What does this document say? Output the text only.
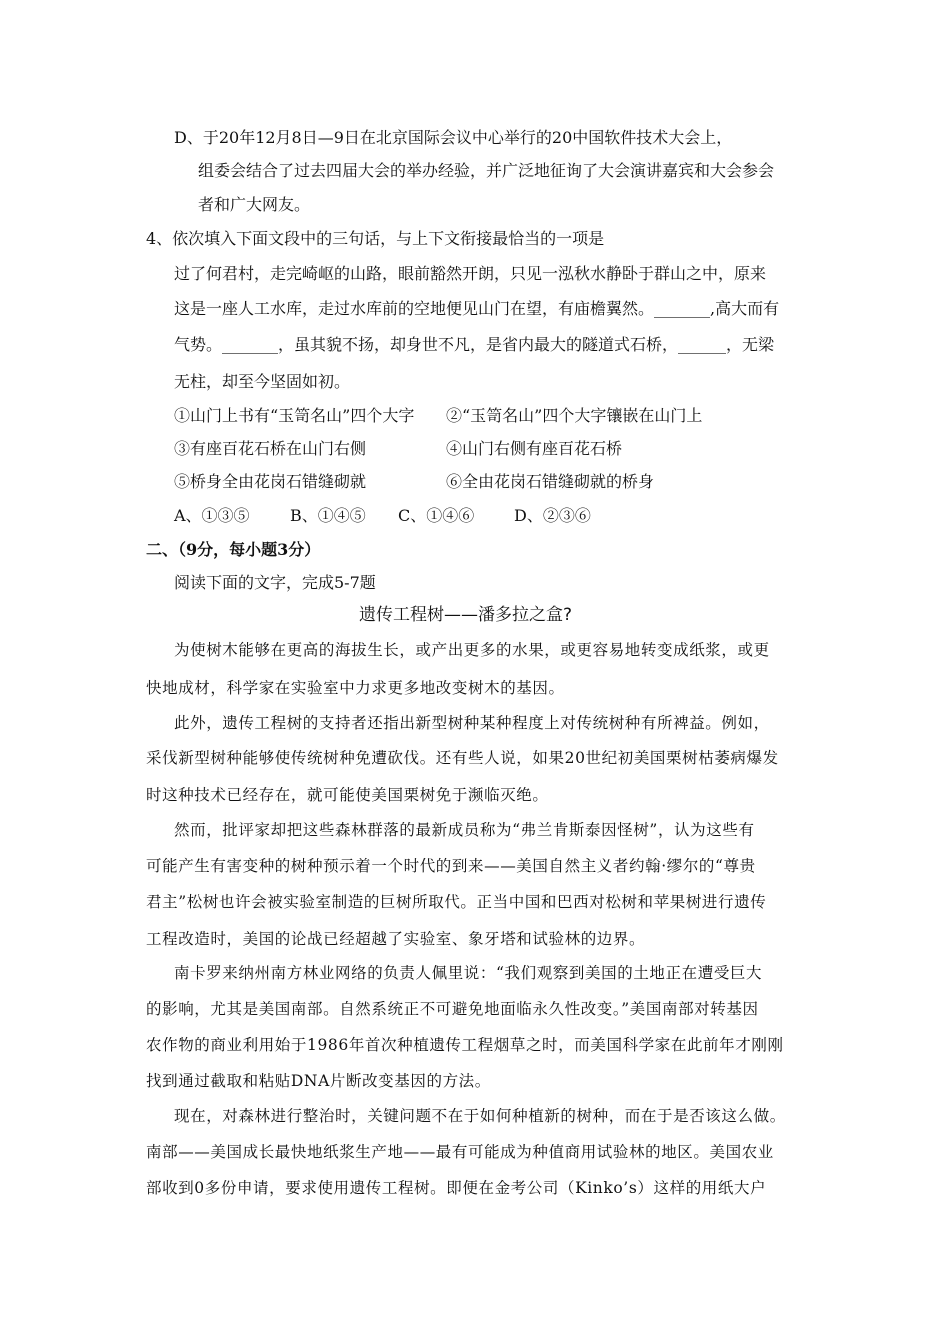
D、于20年12月8日—9日在北京国际会议中心举行的20中国软件技术大会上，
组委会结合了过去四届大会的举办经验，并广泛地征询了大会演讲嘉宾和大会参会
者和广大网友。
4、依次填入下面文段中的三句话，与上下文衔接最恰当的一项是
过了何君村，走完崎岖的山路，眼前豁然开朗，只见一泓秋水静卧于群山之中，原来
这是一座人工水库，走过水库前的空地便见山门在望，有庙檐翼然。_______,高大而有
气势。_______，虽其貌不扬，却身世不凡，是省内最大的隧道式石桥，______，无梁
无柱，却至今坚固如初。
①山门上书有“玉笥名山”四个大字 ②“玉笥名山”四个大字镶嵌在山门上
③有座百花石桥在山门右侧	④山门右侧有座百花石桥
⑤桥身全由花岗石错缝砌就	⑥全由花岗石错缝砌就的桥身
A、①③⑤	B、①④⑤ C、①④⑥ D、②③⑥
二、（9分，每小题3分）
阅读下面的文字，完成5-7题
遗传工程树——潘多拉之盒?
为使树木能够在更高的海拔生长，或产出更多的水果，或更容易地转变成纸浆，或更
快地成材，科学家在实验室中力求更多地改变树木的基因。
此外，遗传工程树的支持者还指出新型树种某种程度上对传统树种有所裨益。例如，
采伐新型树种能够使传统树种免遭砍伐。还有些人说，如果20世纪初美国栗树枯萎病爆发
时这种技术已经存在，就可能使美国栗树免于濒临灭绝。
然而，批评家却把这些森林群落的最新成员称为“弗兰肯斯泰因怪树”，认为这些有
可能产生有害变种的树种预示着一个时代的到来——美国自然主义者约翰·缪尔的“尊贵
君主”松树也许会被实验室制造的巨树所取代。正当中国和巴西对松树和苹果树进行遗传
工程改造时，美国的论战已经超越了实验室、象牙塔和试验林的边界。
南卡罗来纳州南方林业网络的负责人佩里说：“我们观察到美国的土地正在遭受巨大
的影响，尤其是美国南部。自然系统正不可避免地面临永久性改变。”美国南部对转基因
农作物的商业利用始于1986年首次种植遗传工程烟草之时，而美国科学家在此前年才刚刚
找到通过截取和粘贴DNA片断改变基因的方法。
现在，对森林进行整治时，关键问题不在于如何种植新的树种，而在于是否该这么做。
南部——美国成长最快地纸浆生产地——最有可能成为种值商用试验林的地区。美国农业
部收到0多份申请，要求使用遗传工程树。即便在金考公司（Kinko’s）这样的用纸大户
